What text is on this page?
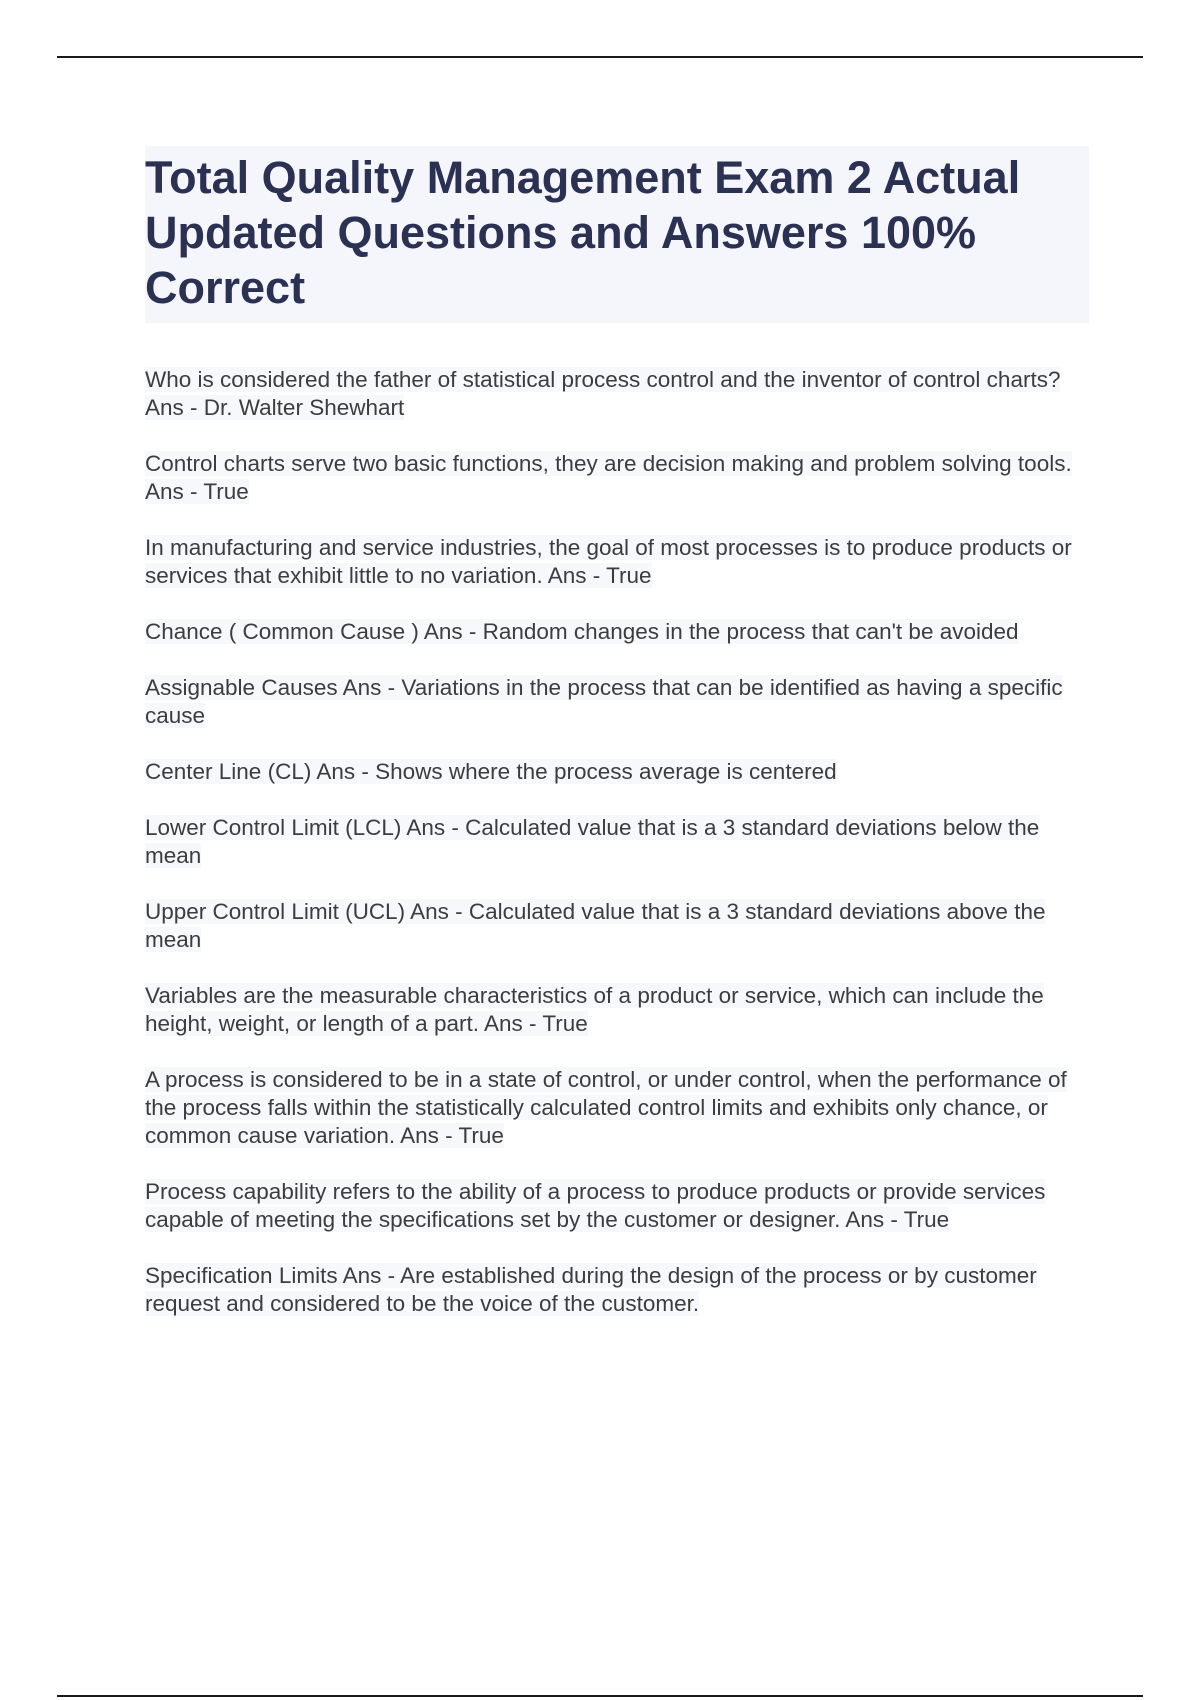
Total Quality Management Exam 2 Actual Updated Questions and Answers 100% Correct
Who is considered the father of statistical process control and the inventor of control charts? Ans - Dr. Walter Shewhart
Control charts serve two basic functions, they are decision making and problem solving tools. Ans - True
In manufacturing and service industries, the goal of most processes is to produce products or services that exhibit little to no variation. Ans - True
Chance ( Common Cause ) Ans - Random changes in the process that can't be avoided
Assignable Causes Ans - Variations in the process that can be identified as having a specific cause
Center Line (CL) Ans - Shows where the process average is centered
Lower Control Limit (LCL) Ans - Calculated value that is a 3 standard deviations below the mean
Upper Control Limit (UCL) Ans - Calculated value that is a 3 standard deviations above the mean
Variables are the measurable characteristics of a product or service, which can include the height, weight, or length of a part. Ans - True
A process is considered to be in a state of control, or under control, when the performance of the process falls within the statistically calculated control limits and exhibits only chance, or common cause variation. Ans - True
Process capability refers to the ability of a process to produce products or provide services capable of meeting the specifications set by the customer or designer. Ans - True
Specification Limits Ans - Are established during the design of the process or by customer request and considered to be the voice of the customer.
